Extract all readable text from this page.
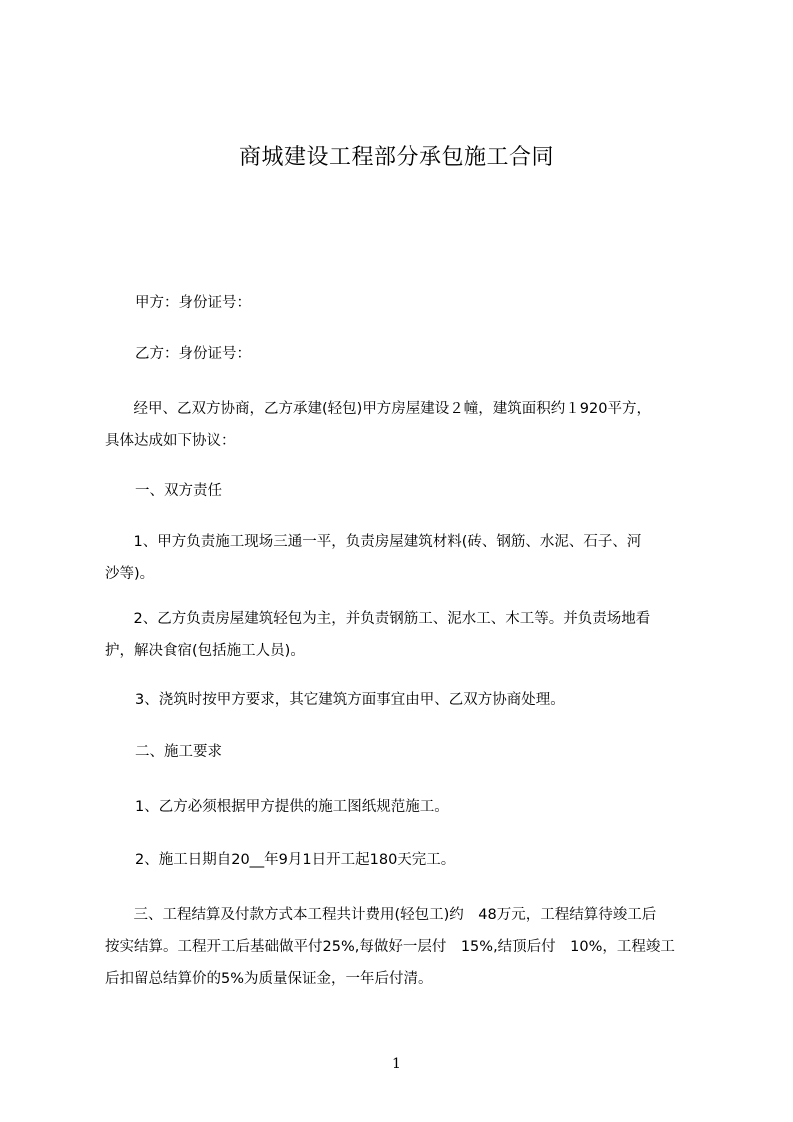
商城建设工程部分承包施工合同
甲方：身份证号：
乙方：身份证号：
　经甲、乙双方协商，乙方承建(轻包)甲方房屋建设２幢，建筑面积约１920平方，
具体达成如下协议：
一、双方责任
　1、甲方负责施工现场三通一平，负责房屋建筑材料(砖、钢筋、水泥、石子、河
沙等)。
　2、乙方负责房屋建筑轻包为主，并负责钢筋工、泥水工、木工等。并负责场地看
护，解决食宿(包括施工人员)。
3、浇筑时按甲方要求，其它建筑方面事宜由甲、乙双方协商处理。
二、施工要求
1、乙方必须根据甲方提供的施工图纸规范施工。
2、施工日期自20__年9月1日开工起180天完工。
　三、工程结算及付款方式本工程共计费用(轻包工)约　48万元，工程结算待竣工后
按实结算。工程开工后基础做平付25%,每做好一层付　15%,结顶后付　10%，工程竣工
后扣留总结算价的5%为质量保证金，一年后付清。
1
